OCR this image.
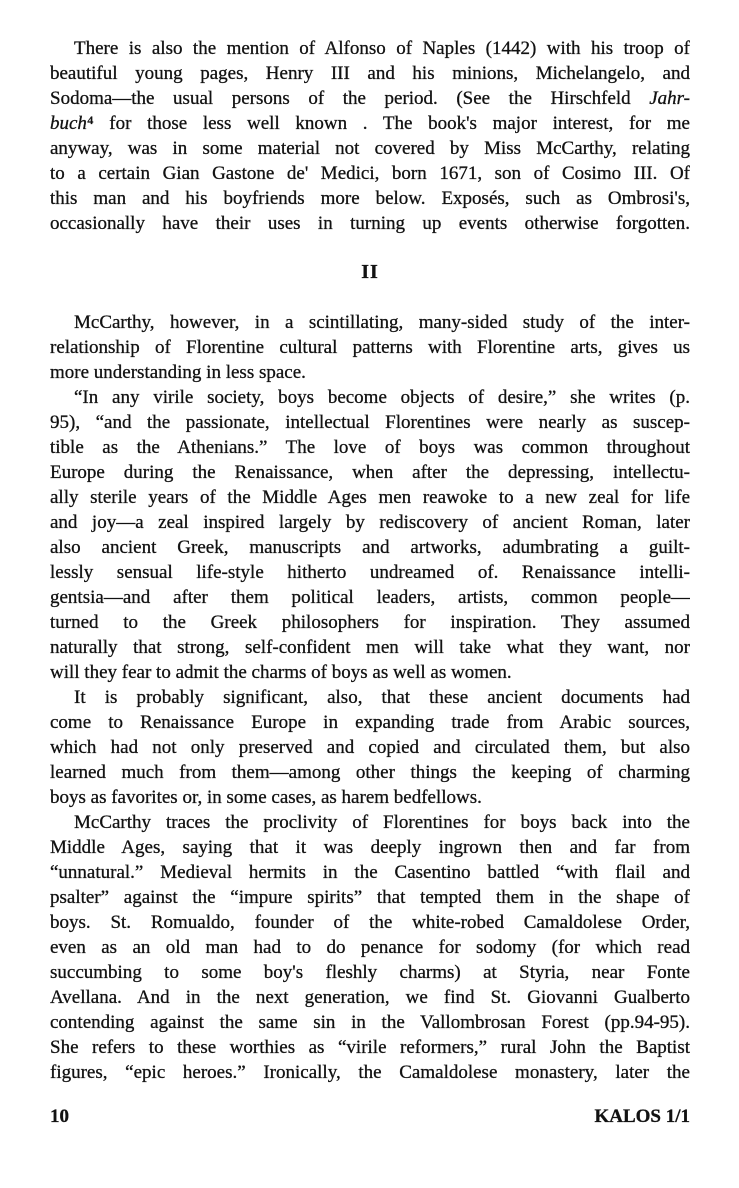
There is also the mention of Alfonso of Naples (1442) with his troop of
beautiful young pages, Henry III and his minions, Michelangelo, and
Sodoma—the usual persons of the period. (See the Hirschfeld Jahr-
buch⁴ for those less well known . The book's major interest, for me
anyway, was in some material not covered by Miss McCarthy, relating
to a certain Gian Gastone de' Medici, born 1671, son of Cosimo III. Of
this man and his boyfriends more below. Exposés, such as Ombrosi's,
occasionally have their uses in turning up events otherwise forgotten.
II
McCarthy, however, in a scintillating, many-sided study of the inter-
relationship of Florentine cultural patterns with Florentine arts, gives us
more understanding in less space.
“In any virile society, boys become objects of desire,” she writes (p.
95), “and the passionate, intellectual Florentines were nearly as suscep-
tible as the Athenians.” The love of boys was common throughout
Europe during the Renaissance, when after the depressing, intellectu-
ally sterile years of the Middle Ages men reawoke to a new zeal for life
and joy—a zeal inspired largely by rediscovery of ancient Roman, later
also ancient Greek, manuscripts and artworks, adumbrating a guilt-
lessly sensual life-style hitherto undreamed of. Renaissance intelli-
gentsia—and after them political leaders, artists, common people—
turned to the Greek philosophers for inspiration. They assumed
naturally that strong, self-confident men will take what they want, nor
will they fear to admit the charms of boys as well as women.
It is probably significant, also, that these ancient documents had
come to Renaissance Europe in expanding trade from Arabic sources,
which had not only preserved and copied and circulated them, but also
learned much from them—among other things the keeping of charming
boys as favorites or, in some cases, as harem bedfellows.
McCarthy traces the proclivity of Florentines for boys back into the
Middle Ages, saying that it was deeply ingrown then and far from
“unnatural.” Medieval hermits in the Casentino battled “with flail and
psalter” against the “impure spirits” that tempted them in the shape of
boys. St. Romualdo, founder of the white-robed Camaldolese Order,
even as an old man had to do penance for sodomy (for which read
succumbing to some boy's fleshly charms) at Styria, near Fonte
Avellana. And in the next generation, we find St. Giovanni Gualberto
contending against the same sin in the Vallombrosan Forest (pp.94-95).
She refers to these worthies as “virile reformers,” rural John the Baptist
figures, “epic heroes.” Ironically, the Camaldolese monastery, later the
10	KALOS 1/1
